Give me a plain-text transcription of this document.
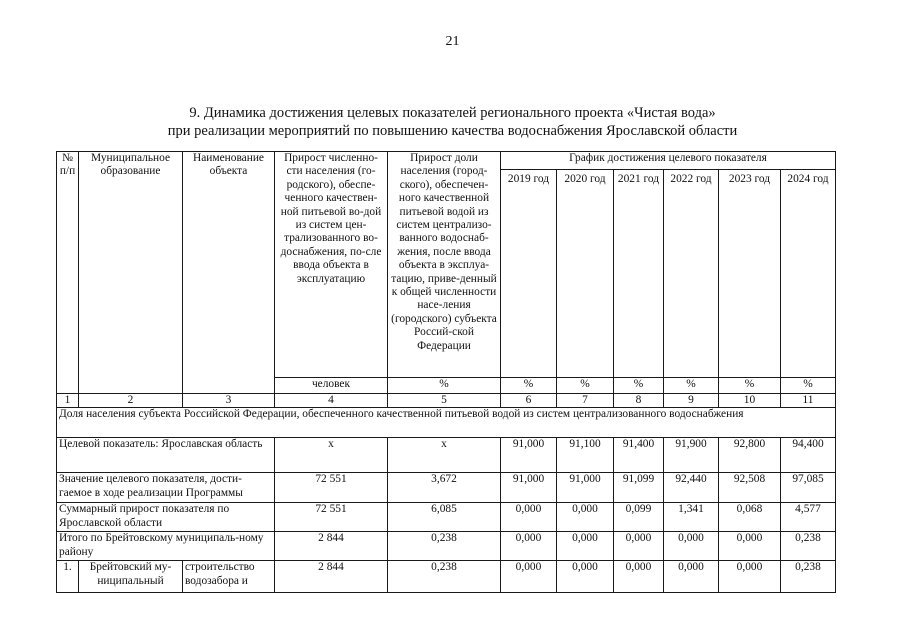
21
9. Динамика достижения целевых показателей регионального проекта «Чистая вода»
при реализации мероприятий по повышению качества водоснабжения Ярославской области
№ п/п	Муниципальное образование	Наименование объекта	Прирост численно-сти населения (го-родского), обеспе-ченного качествен-ной питьевой во-дой из систем цен-трализованного во-доснабжения, по-сле ввода объекта в эксплуатацию	Прирост доли населения (город-ского), обеспечен-ного качественной питьевой водой из систем централизо-ванного водоснаб-жения, после ввода объекта в эксплуа-тацию, приве-денный к общей численности насе-ления (городского) субъекта Россий-ской Федерации	График достижения целевого показателя					
					2019 год	2020 год	2021 год	2022 год	2023 год	2024 год
			человек	%	%	%	%	%	%	%
1	2	3	4	5	6	7	8	9	10	11
Доля населения субъекта Российской Федерации, обеспеченного качественной питьевой водой из систем централизованного водоснабжения										
Целевой показатель: Ярославская область			х	х	91,000	91,100	91,400	91,900	92,800	94,400
Значение целевого показателя, дости-гаемое в ходе реализации Программы			72 551	3,672	91,000	91,000	91,099	92,440	92,508	97,085
Суммарный прирост показателя по Ярославской области			72 551	6,085	0,000	0,000	0,099	1,341	0,068	4,577
Итого по Брейтовскому муниципаль-ному району			2 844	0,238	0,000	0,000	0,000	0,000	0,000	0,238
1.	Брейтовский му-ниципальный	строительство водозабора и	2 844	0,238	0,000	0,000	0,000	0,000	0,000	0,238
